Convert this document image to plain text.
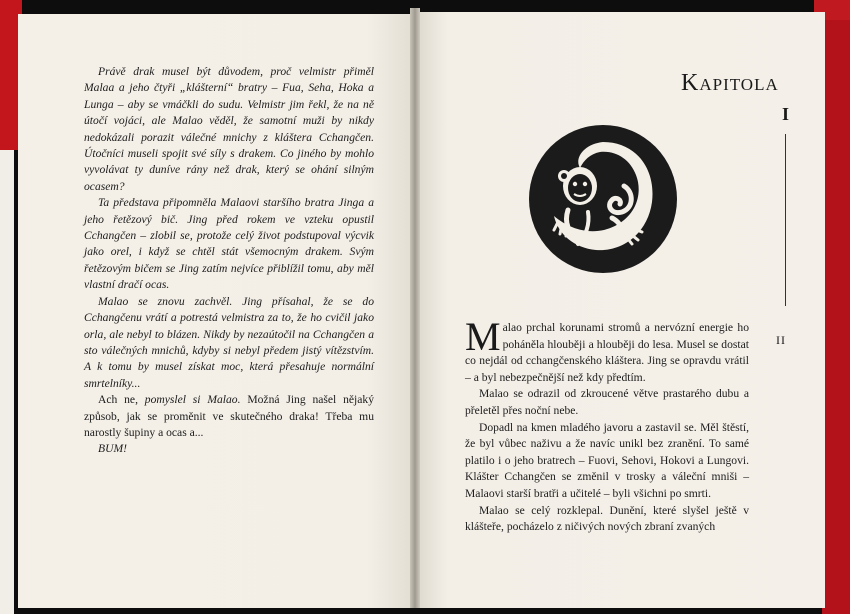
Právě drak musel být důvodem, proč velmistr přiměl Malaa a jeho čtyři „klášterní“ bratry – Fua, Seha, Hoka a Lunga – aby se vmáčkli do sudu. Velmistr jim řekl, že na ně útočí vojáci, ale Malao věděl, že samotní muži by nikdy nedokázali porazit válečné mnichy z kláštera Cchangčen. Útočníci museli spojit své síly s drakem. Co jiného by mohlo vyvolávat ty duníve rány než drak, který se ohání silným ocasem?

Ta představa připomněla Malaovi staršího bratra Jinga a jeho řetězový bič. Jing před rokem ve vzteku opustil Cchangčen – zlobil se, protože celý život podstupoval výcvik jako orel, i když se chtěl stát všemocným drakem. Svým řetězovým bičem se Jing zatím nejvíce přiblížil tomu, aby měl vlastní dračí ocas.

Malao se znovu zachvěl. Jing přísahal, že se do Cchangčenu vrátí a potrestá velmistra za to, že ho cvičil jako orla, ale nebyl to blázen. Nikdy by nezaútočil na Cchangčen a sto válečných mnichů, kdyby si nebyl předem jistý vítězstvím. A k tomu by musel získat moc, která přesahuje normální smrtelníky...

Ach ne, pomyslel si Malao. Možná Jing našel nějaký způsob, jak se proměnit ve skutečného draka! Třeba mu narostly šupiny a ocas a...

BUM!

Kapitola
I
II

Malao prchal korunami stromů a nervózní energie ho poháněla hlouběji a hlouběji do lesa. Musel se dostat co nejdál od cchangčenského kláštera. Jing se opravdu vrátil – a byl nebezpečnější než kdy předtím.

Malao se odrazil od zkroucené větve prastarého dubu a přeletěl přes noční nebe.

Dopadl na kmen mladého javoru a zastavil se. Měl štěstí, že byl vůbec naživu a že navíc unikl bez zranění. To samé platilo i o jeho bratrech – Fuovi, Sehovi, Hokovi a Lungovi. Klášter Cchangčen se změnil v trosky a váleční mniši – Malaovi starší bratři a učitelé – byli všichni po smrti.

Malao se celý rozklepal. Dunění, které slyšel ještě v klášteře, pocházelo z ničivých nových zbraní zvaných
